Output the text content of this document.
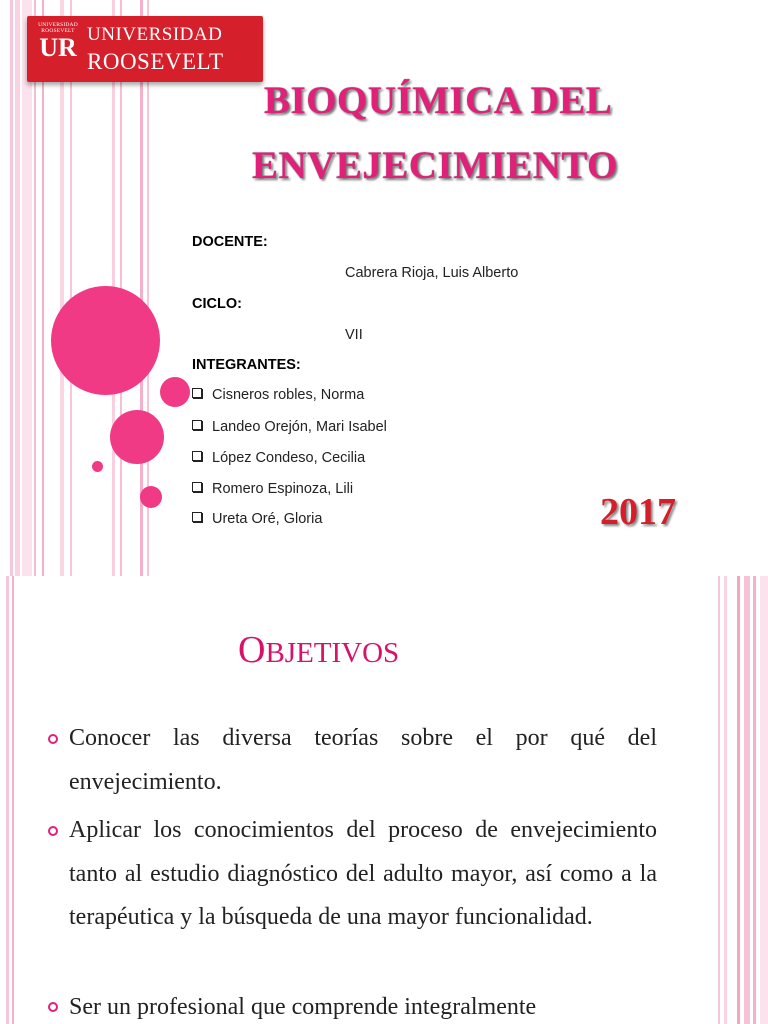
UNIVERSIDAD ROOSEVELT
UR UNIVERSIDAD
ROOSEVELT
BIOQUÍMICA DEL
ENVEJECIMIENTO
DOCENTE:
Cabrera Rioja, Luis Alberto
CICLO:
VII
INTEGRANTES:
Cisneros robles, Norma
Landeo Orejón, Mari Isabel
López Condeso, Cecilia
Romero Espinoza, Lili
Ureta Oré, Gloria	2017
OBJETIVOS
Conocer las diversa teorías sobre el por qué del envejecimiento.
Aplicar los conocimientos del proceso de envejecimiento tanto al estudio diagnóstico del adulto mayor, así como a la terapéutica y la búsqueda de una mayor funcionalidad.
Ser un profesional que comprende integralmente
